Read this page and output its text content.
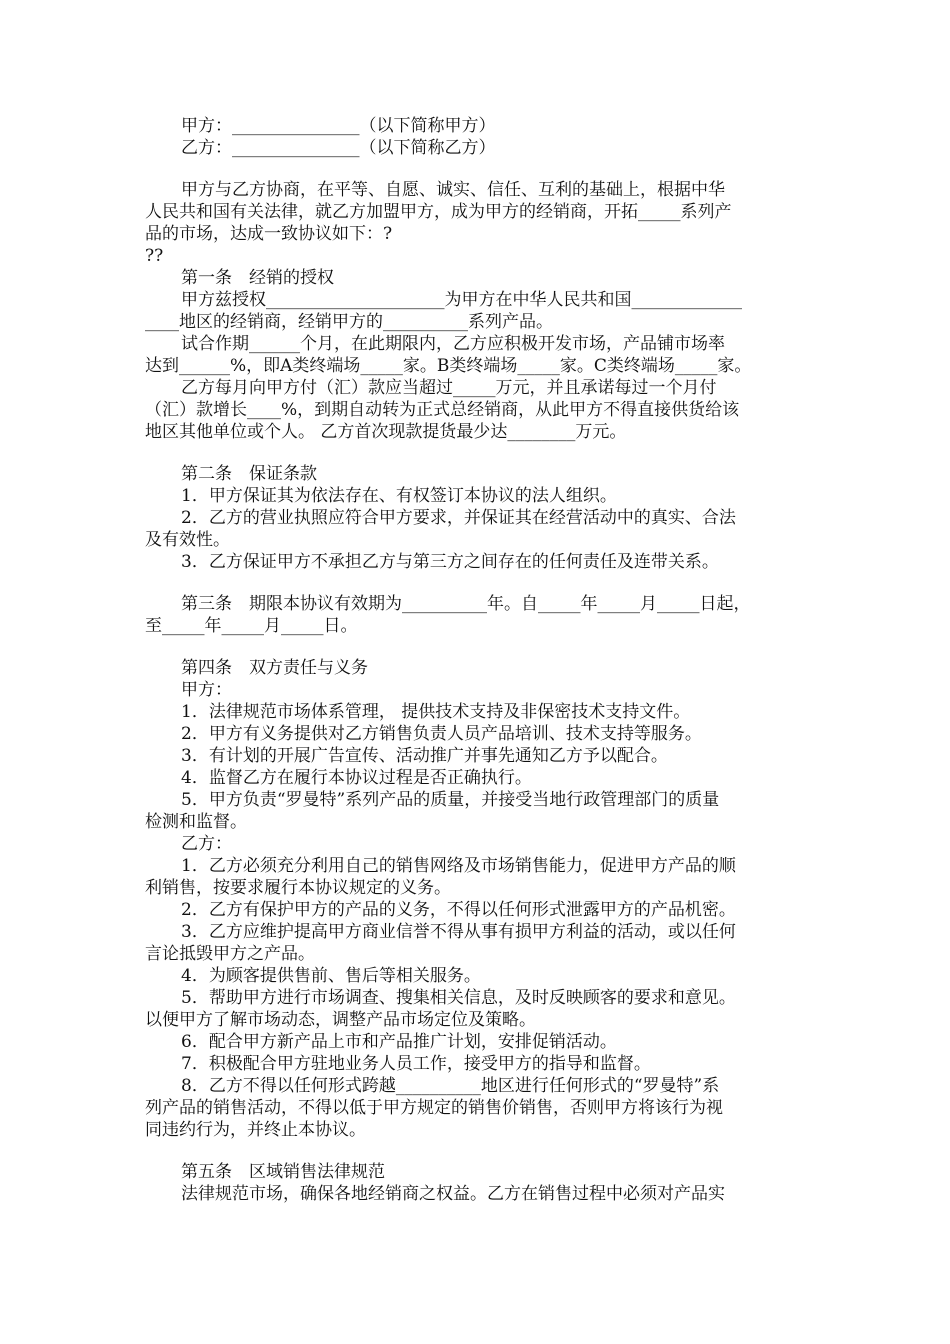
甲方：_______________（以下简称甲方）
乙方：_______________（以下简称乙方）
甲方与乙方协商，在平等、自愿、诚实、信任、互利的基础上，根据中华
人民共和国有关法律，就乙方加盟甲方，成为甲方的经销商，开拓_____系列产
品的市场，达成一致协议如下：?
??
第一条　经销的授权
甲方兹授权_____________________为甲方在中华人民共和国_____________
____地区的经销商，经销甲方的__________系列产品。
试合作期______个月，在此期限内，乙方应积极开发市场，产品铺市场率
达到______%，即A类终端场_____家。B类终端场_____家。C类终端场_____家。
乙方每月向甲方付（汇）款应当超过_____万元，并且承诺每过一个月付
（汇）款增长____%，到期自动转为正式总经销商，从此甲方不得直接供货给该
地区其他单位或个人。 乙方首次现款提货最少达________万元。
第二条　保证条款
1．甲方保证其为依法存在、有权签订本协议的法人组织。
2．乙方的营业执照应符合甲方要求，并保证其在经营活动中的真实、合法
及有效性。
3．乙方保证甲方不承担乙方与第三方之间存在的任何责任及连带关系。
第三条　期限本协议有效期为__________年。自_____年_____月_____日起，
至_____年_____月_____日。
第四条　双方责任与义务
甲方：
1．法律规范市场体系管理， 提供技术支持及非保密技术支持文件。
2．甲方有义务提供对乙方销售负责人员产品培训、技术支持等服务。
3．有计划的开展广告宣传、活动推广并事先通知乙方予以配合。
4．监督乙方在履行本协议过程是否正确执行。
5．甲方负责“罗曼特”系列产品的质量，并接受当地行政管理部门的质量
检测和监督。
乙方：
1．乙方必须充分利用自己的销售网络及市场销售能力，促进甲方产品的顺
利销售，按要求履行本协议规定的义务。
2．乙方有保护甲方的产品的义务，不得以任何形式泄露甲方的产品机密。
3．乙方应维护提高甲方商业信誉不得从事有损甲方利益的活动，或以任何
言论抵毁甲方之产品。
4．为顾客提供售前、售后等相关服务。
5．帮助甲方进行市场调查、搜集相关信息，及时反映顾客的要求和意见。
以便甲方了解市场动态，调整产品市场定位及策略。
6．配合甲方新产品上市和产品推广计划，安排促销活动。
7．积极配合甲方驻地业务人员工作，接受甲方的指导和监督。
8．乙方不得以任何形式跨越__________地区进行任何形式的“罗曼特”系
列产品的销售活动，不得以低于甲方规定的销售价销售，否则甲方将该行为视
同违约行为，并终止本协议。
第五条　区域销售法律规范
法律规范市场，确保各地经销商之权益。乙方在销售过程中必须对产品实
